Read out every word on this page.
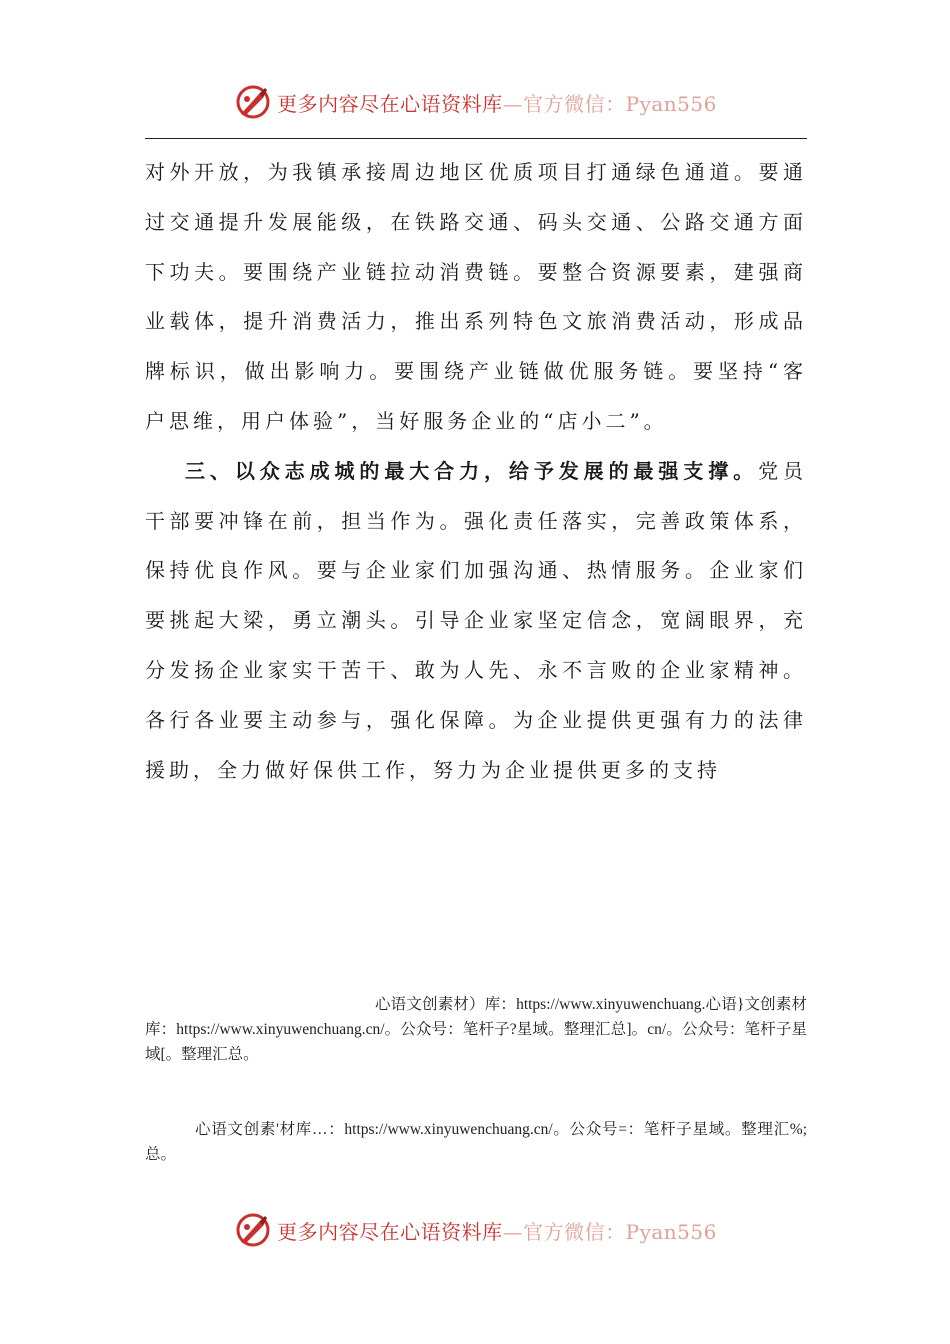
更多内容尽在心语资料库—官方微信：Pyan556

对外开放，为我镇承接周边地区优质项目打通绿色通道。要通过交通提升发展能级，在铁路交通、码头交通、公路交通方面下功夫。要围绕产业链拉动消费链。要整合资源要素，建强商业载体，提升消费活力，推出系列特色文旅消费活动，形成品牌标识，做出影响力。要围绕产业链做优服务链。要坚持“客户思维，用户体验”，当好服务企业的“店小二”。

三、以众志成城的最大合力，给予发展的最强支撑。党员干部要冲锋在前，担当作为。强化责任落实，完善政策体系，保持优良作风。要与企业家们加强沟通、热情服务。企业家们要挑起大梁，勇立潮头。引导企业家坚定信念，宽阔眼界，充分发扬企业家实干苦干、敢为人先、永不言败的企业家精神。各行各业要主动参与，强化保障。为企业提供更强有力的法律援助，全力做好保供工作，努力为企业提供更多的支持

心语文创素材）库：https://www.xinyuwenchuang.心语}文创素材库：https://www.xinyuwenchuang.cn/。公众号：笔杆子?星域。整理汇总]。cn/。公众号：笔杆子星域[。整理汇总。
心语文创素'材库…：https://www.xinyuwenchuang.cn/。公众号=：笔杆子星域。整理汇%;总。
更多内容尽在心语资料库—官方微信：Pyan556
